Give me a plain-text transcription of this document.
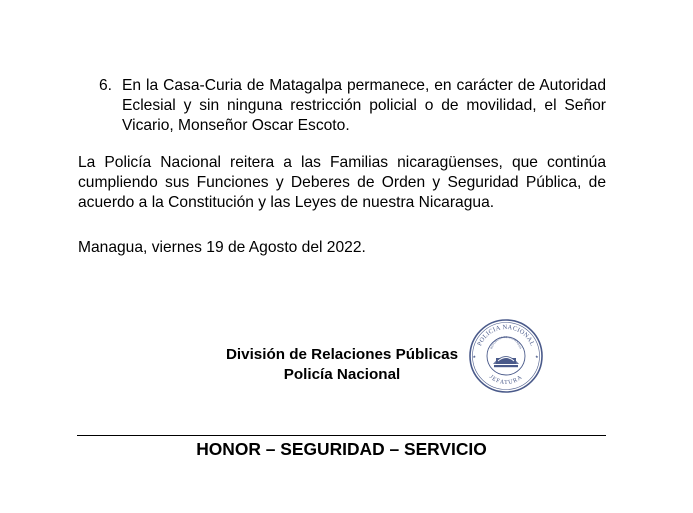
6. En la Casa-Curia de Matagalpa permanece, en carácter de Autoridad Eclesial y sin ninguna restricción policial o de movilidad, el Señor Vicario, Monseñor Oscar Escoto.
La Policía Nacional reitera a las Familias nicaragüenses, que continúa cumpliendo sus Funciones y Deberes de Orden y Seguridad Pública, de acuerdo a la Constitución y las Leyes de nuestra Nicaragua.
Managua, viernes 19 de Agosto del 2022.
División de Relaciones Públicas
Policía Nacional
POLICIA NACIONAL
JEFATURA
REPUBLICA DE NICARAGUA
★	★
HONOR – SEGURIDAD – SERVICIO
